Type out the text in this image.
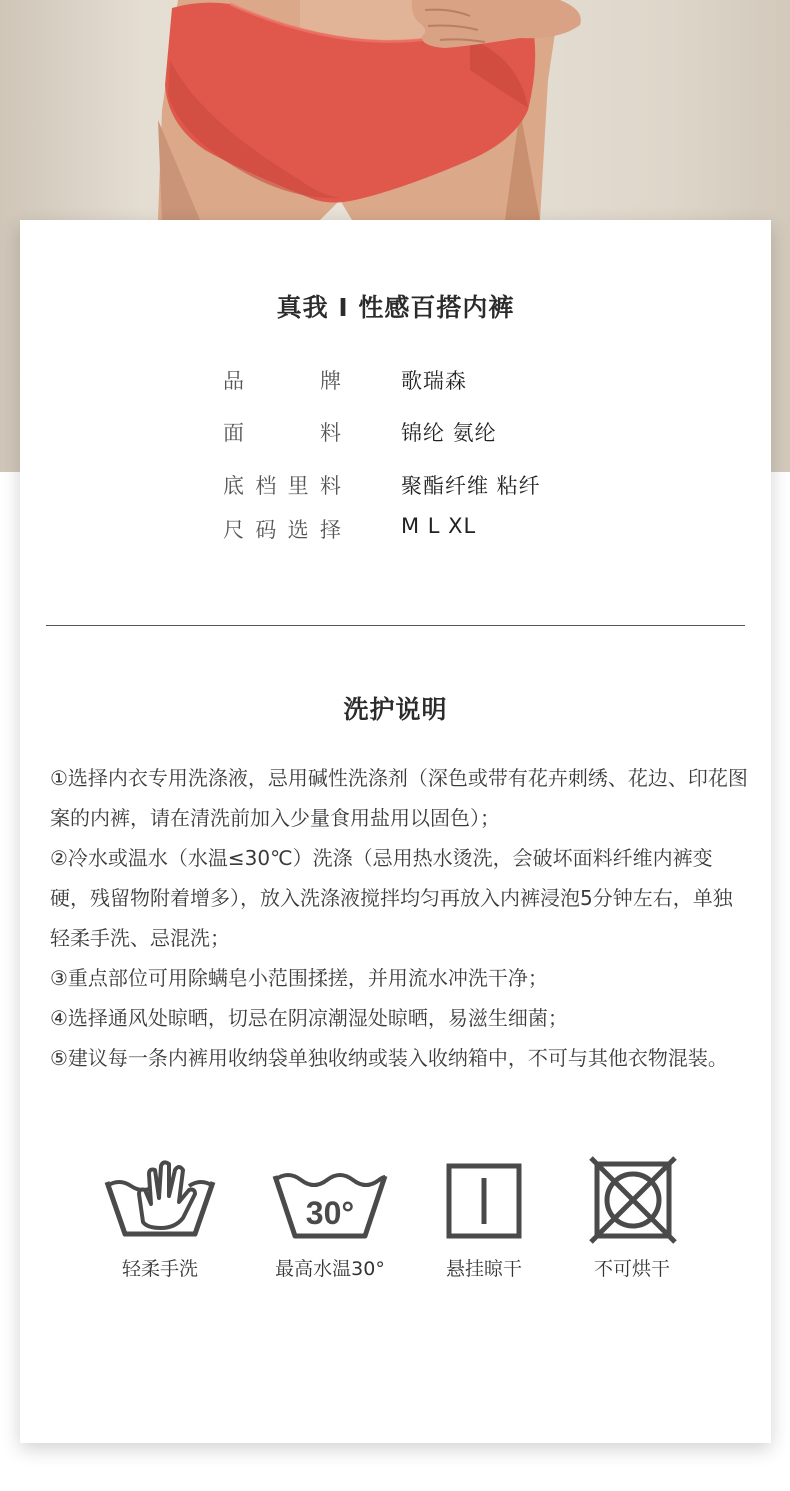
真我 I 性感百搭内裤
品牌	歌瑞森
面料	锦纶 氨纶
底档里料	聚酯纤维 粘纤
尺码选择	M L XL
洗护说明

①选择内衣专用洗涤液，忌用碱性洗涤剂（深色或带有花卉刺绣、花边、印花图案的内裤，请在清洗前加入少量食用盐用以固色）；

②冷水或温水（水温≤30℃）洗涤（忌用热水烫洗，会破坏面料纤维内裤变硬，残留物附着增多），放入洗涤液搅拌均匀再放入内裤浸泡5分钟左右，单独轻柔手洗、忌混洗；

③重点部位可用除螨皂小范围揉搓，并用流水冲洗干净；

④选择通风处晾晒，切忌在阴凉潮湿处晾晒，易滋生细菌；

⑤建议每一条内裤用收纳袋单独收纳或装入收纳箱中，不可与其他衣物混装。

轻柔手洗
30°
最高水温30°	悬挂晾干	不可烘干
